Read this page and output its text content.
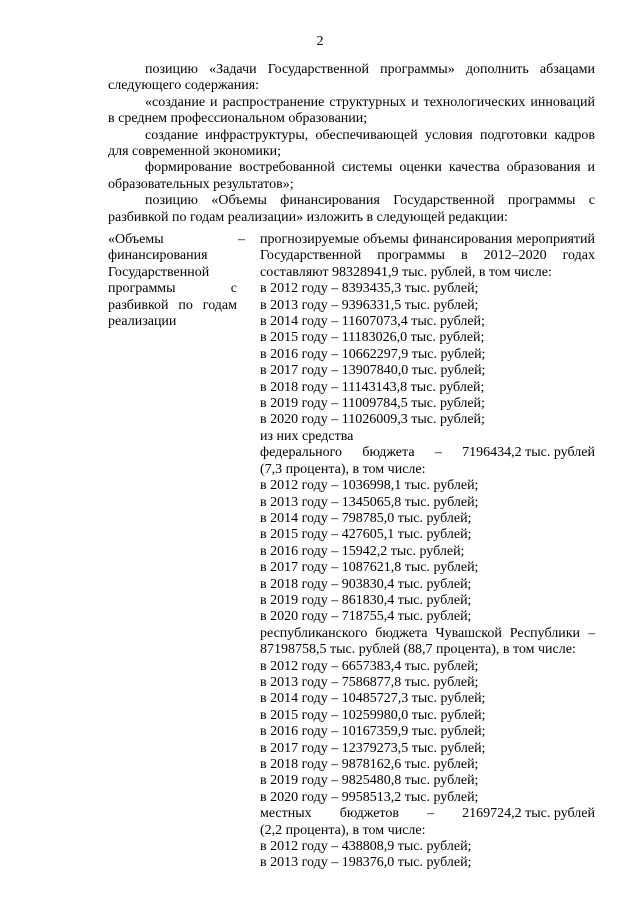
2

позицию «Задачи Государственной программы» дополнить абзацами следующего содержания:

«создание и распространение структурных и технологических инноваций в среднем профессиональном образовании;

создание инфраструктуры, обеспечивающей условия подготовки кадров для современной экономики;

формирование востребованной системы оценки качества образования и образовательных результатов»;

позицию «Объемы финансирования Государственной программы с разбивкой по годам реализации» изложить в следующей редакции:

«Объемы финансирования Государственной программы с разбивкой по годам реализации
– прогнозируемые объемы финансирования мероприятий Государственной программы в 2012–2020 годах составляют 98328941,9 тыс. рублей, в том числе:
в 2012 году – 8393435,3 тыс. рублей;
в 2013 году – 9396331,5 тыс. рублей;
в 2014 году – 11607073,4 тыс. рублей;
в 2015 году – 11183026,0 тыс. рублей;
в 2016 году – 10662297,9 тыс. рублей;
в 2017 году – 13907840,0 тыс. рублей;
в 2018 году – 11143143,8 тыс. рублей;
в 2019 году – 11009784,5 тыс. рублей;
в 2020 году – 11026009,3 тыс. рублей;
из них средства
федерального бюджета – 7196434,2 тыс. рублей
(7,3 процента), в том числе:
в 2012 году – 1036998,1 тыс. рублей;
в 2013 году – 1345065,8 тыс. рублей;
в 2014 году – 798785,0 тыс. рублей;
в 2015 году – 427605,1 тыс. рублей;
в 2016 году – 15942,2 тыс. рублей;
в 2017 году – 1087621,8 тыс. рублей;
в 2018 году – 903830,4 тыс. рублей;
в 2019 году – 861830,4 тыс. рублей;
в 2020 году – 718755,4 тыс. рублей;
республиканского бюджета Чувашской Республики – 87198758,5 тыс. рублей (88,7 процента), в том числе:
в 2012 году – 6657383,4 тыс. рублей;
в 2013 году – 7586877,8 тыс. рублей;
в 2014 году – 10485727,3 тыс. рублей;
в 2015 году – 10259980,0 тыс. рублей;
в 2016 году – 10167359,9 тыс. рублей;
в 2017 году – 12379273,5 тыс. рублей;
в 2018 году – 9878162,6 тыс. рублей;
в 2019 году – 9825480,8 тыс. рублей;
в 2020 году – 9958513,2 тыс. рублей;
местных бюджетов – 2169724,2 тыс. рублей
(2,2 процента), в том числе:
в 2012 году – 438808,9 тыс. рублей;
в 2013 году – 198376,0 тыс. рублей;
